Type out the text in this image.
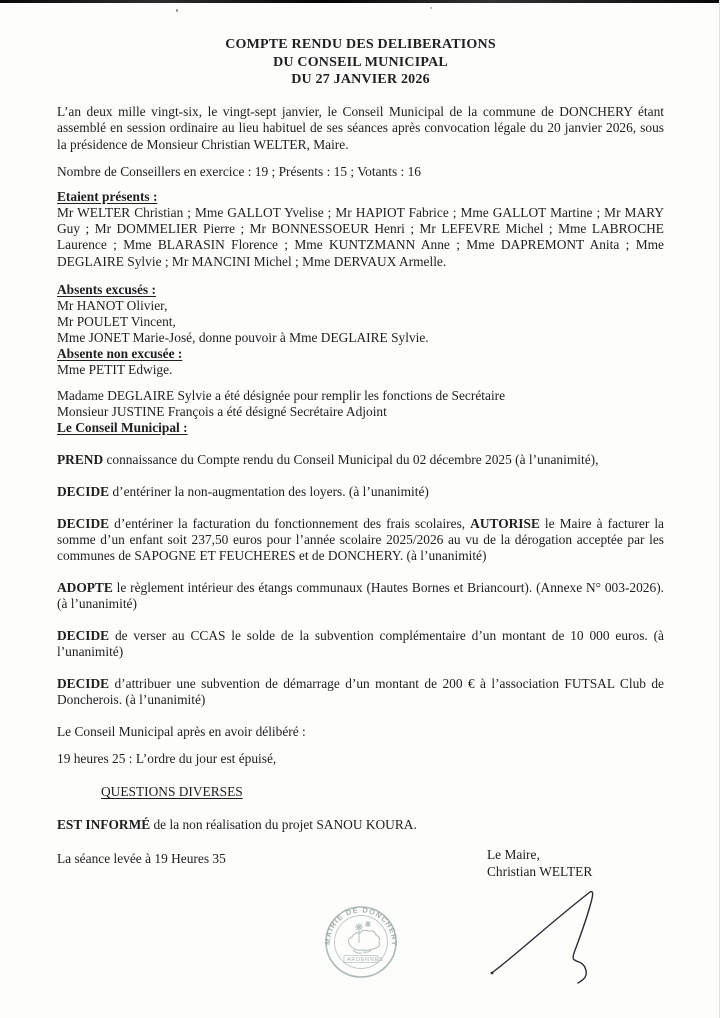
COMPTE RENDU DES DELIBERATIONS
DU CONSEIL MUNICIPAL
DU 27 JANVIER 2026

L’an deux mille vingt-six, le vingt-sept janvier, le Conseil Municipal de la commune de DONCHERY étant assemblé en session ordinaire au lieu habituel de ses séances après convocation légale du 20 janvier 2026, sous la présidence de Monsieur Christian WELTER, Maire.

Nombre de Conseillers en exercice : 19 ; Présents : 15 ; Votants : 16

Etaient présents :

Mr WELTER Christian ; Mme GALLOT Yvelise ; Mr HAPIOT Fabrice ; Mme GALLOT Martine ; Mr MARY Guy ; Mr DOMMELIER Pierre ; Mr BONNESSOEUR Henri ; Mr LEFEVRE Michel ; Mme LABROCHE Laurence ; Mme BLARASIN Florence ; Mme KUNTZMANN Anne ; Mme DAPREMONT Anita ; Mme DEGLAIRE Sylvie ; Mr MANCINI Michel ; Mme DERVAUX Armelle.

Absents excusés :

Mr HANOT Olivier,

Mr POULET Vincent,

Mme JONET Marie-José, donne pouvoir à Mme DEGLAIRE Sylvie.

Absente non excusée :

Mme PETIT Edwige.

Madame DEGLAIRE Sylvie a été désignée pour remplir les fonctions de Secrétaire

Monsieur JUSTINE François a été désigné Secrétaire Adjoint

Le Conseil Municipal :

PREND connaissance du Compte rendu du Conseil Municipal du 02 décembre 2025 (à l’unanimité),

DECIDE d’entériner la non-augmentation des loyers. (à l’unanimité)

DECIDE d’entériner la facturation du fonctionnement des frais scolaires, AUTORISE le Maire à facturer la somme d’un enfant soit 237,50 euros pour l’année scolaire 2025/2026 au vu de la dérogation acceptée par les communes de SAPOGNE ET FEUCHERES et de DONCHERY. (à l’unanimité)

ADOPTE le règlement intérieur des étangs communaux (Hautes Bornes et Briancourt). (Annexe N° 003-2026). (à l’unanimité)

DECIDE de verser au CCAS le solde de la subvention complémentaire d’un montant de 10 000 euros. (à l’unanimité)

DECIDE d’attribuer une subvention de démarrage d’un montant de 200 € à l’association FUTSAL Club de Doncherois. (à l’unanimité)

Le Conseil Municipal après en avoir délibéré :

19 heures 25 : L’ordre du jour est épuisé,

QUESTIONS DIVERSES

EST INFORMÉ de la non réalisation du projet SANOU KOURA.

La séance levée à 19 Heures 35	Le Maire,
Christian WELTER
MAIRIE DE DONCHERY
ARDENNES
